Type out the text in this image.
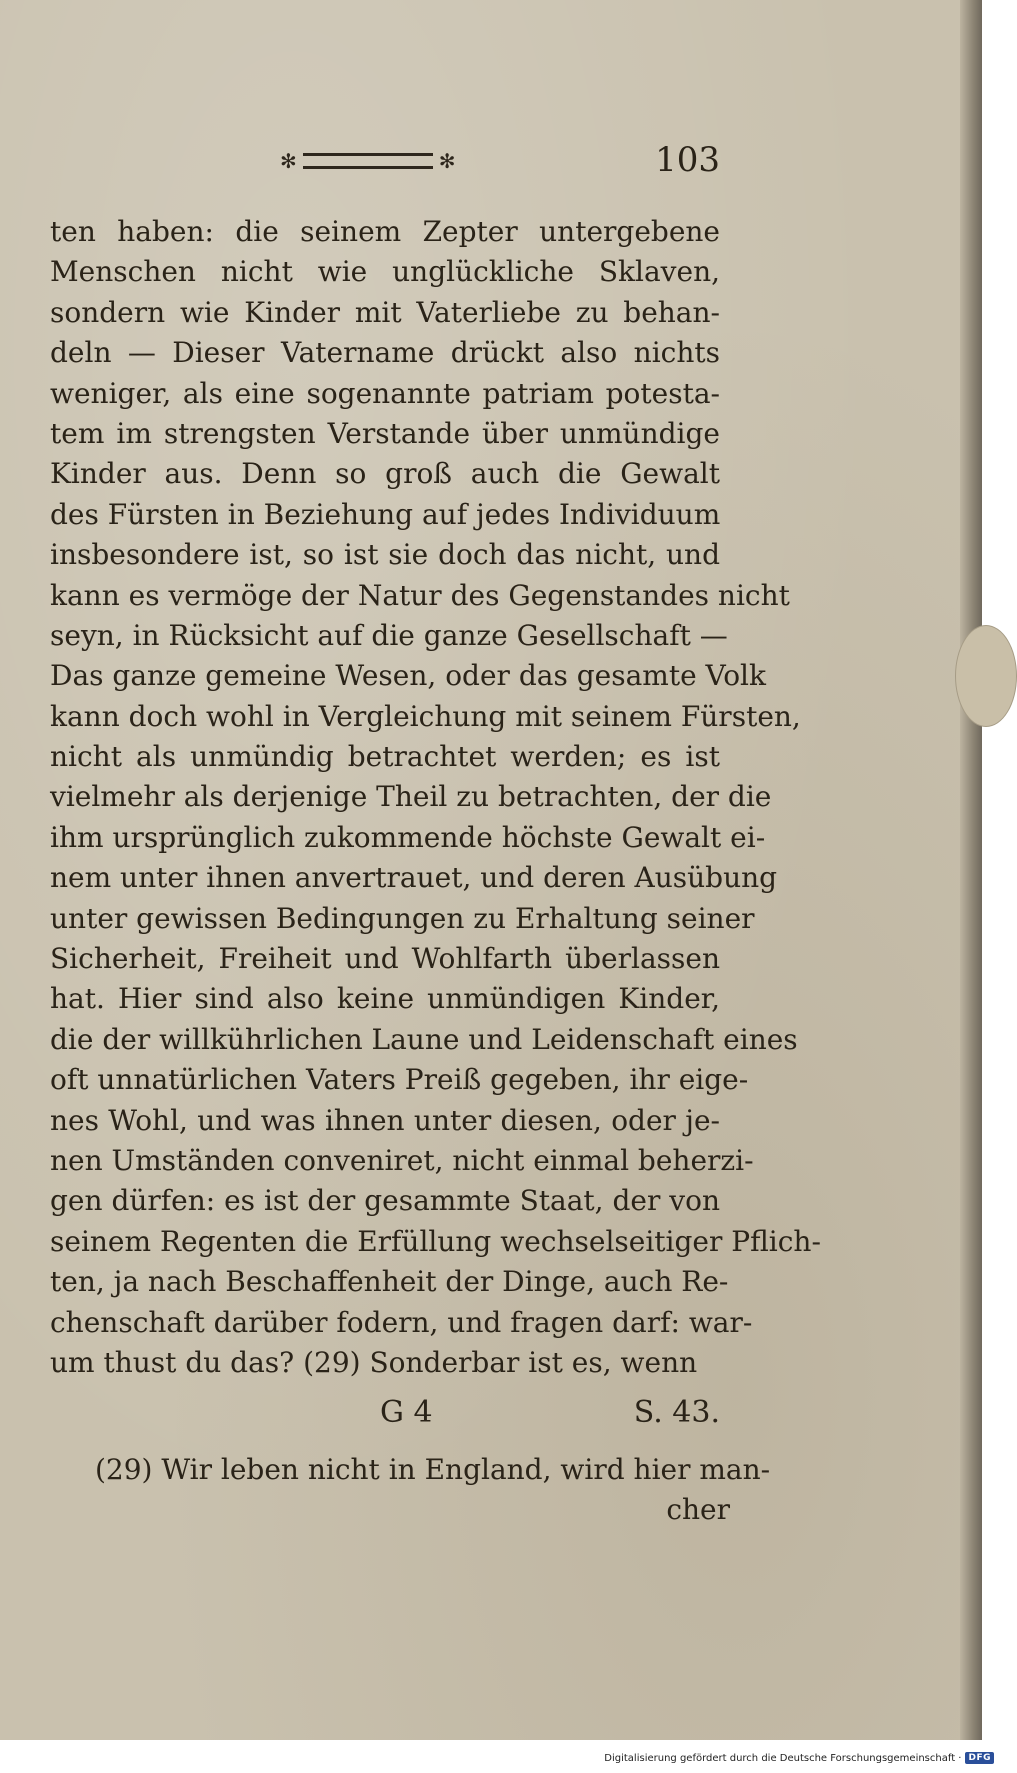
✻	✻	103
ten haben: die seinem Zepter untergebene
Menschen nicht wie unglückliche Sklaven,
sondern wie Kinder mit Vaterliebe zu behan-
deln — Dieser Vatername drückt also nichts
weniger, als eine sogenannte patriam potesta-
tem im strengsten Verstande über unmündige
Kinder aus. Denn so groß auch die Gewalt
des Fürsten in Beziehung auf jedes Individuum
insbesondere ist, so ist sie doch das nicht, und
kann es vermöge der Natur des Gegenstandes nicht
seyn, in Rücksicht auf die ganze Gesellschaft —
Das ganze gemeine Wesen, oder das gesamte Volk
kann doch wohl in Vergleichung mit seinem Fürsten,
nicht als unmündig betrachtet werden; es ist
vielmehr als derjenige Theil zu betrachten, der die
ihm ursprünglich zukommende höchste Gewalt ei-
nem unter ihnen anvertrauet, und deren Ausübung
unter gewissen Bedingungen zu Erhaltung seiner
Sicherheit, Freiheit und Wohlfarth überlassen
hat. Hier sind also keine unmündigen Kinder,
die der willkührlichen Laune und Leidenschaft eines
oft unnatürlichen Vaters Preiß gegeben, ihr eige-
nes Wohl, und was ihnen unter diesen, oder je-
nen Umständen conveniret, nicht einmal beherzi-
gen dürfen: es ist der gesammte Staat, der von
seinem Regenten die Erfüllung wechselseitiger Pflich-
ten, ja nach Beschaffenheit der Dinge, auch Re-
chenschaft darüber fodern, und fragen darf: war-
um thust du das? (29) Sonderbar ist es, wenn
G 4	S. 43.
(29) Wir leben nicht in England, wird hier man-
cher
Digitalisierung gefördert durch die Deutsche Forschungsgemeinschaft · DFG
